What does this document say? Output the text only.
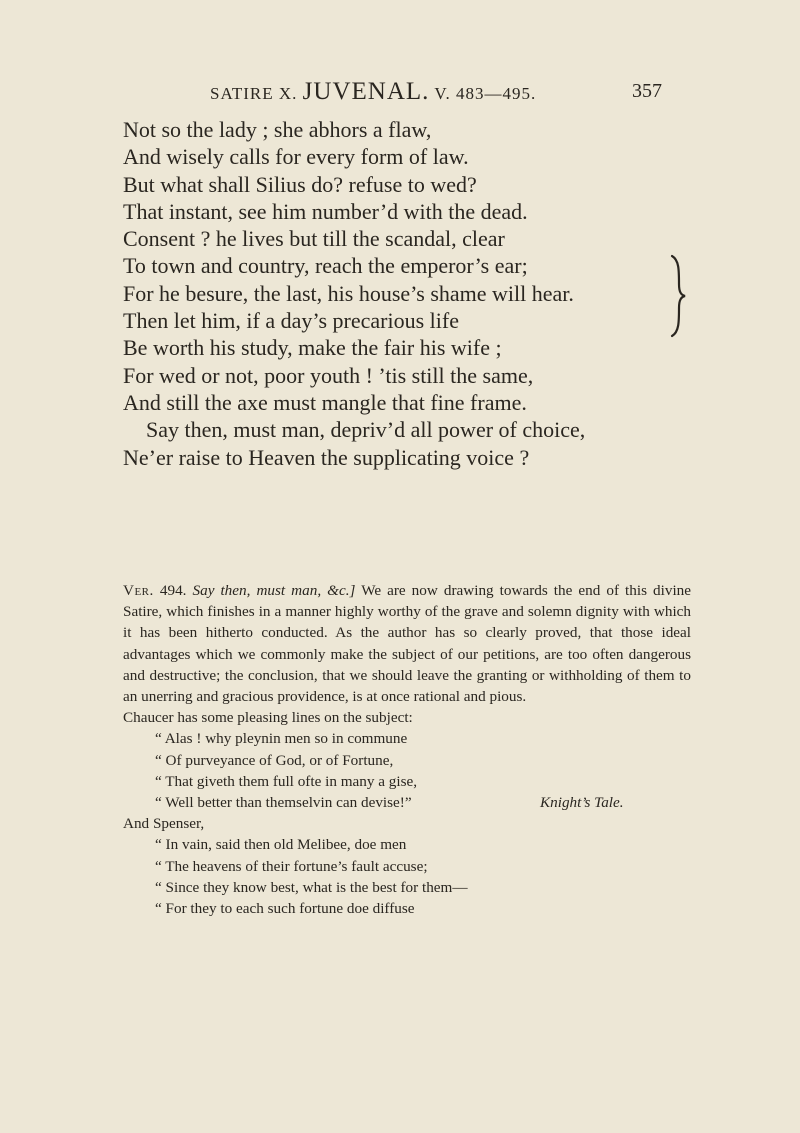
SATIRE X. JUVENAL. V. 483—495.	357
Not so the lady ; she abhors a flaw,
And wisely calls for every form of law.
But what shall Silius do? refuse to wed?
That instant, see him number’d with the dead.
Consent ? he lives but till the scandal, clear
To town and country, reach the emperor’s ear;
For he besure, the last, his house’s shame will hear.
Then let him, if a day’s precarious life
Be worth his study, make the fair his wife ;
For wed or not, poor youth ! ’tis still the same,
And still the axe must mangle that fine frame.
Say then, must man, depriv’d all power of choice,
Ne’er raise to Heaven the supplicating voice ?

Ver. 494. Say then, must man, &c.] We are now drawing towards the end of this divine Satire, which finishes in a manner highly worthy of the grave and solemn dignity with which it has been hitherto conducted. As the author has so clearly proved, that those ideal advantages which we commonly make the subject of our petitions, are too often dangerous and destructive; the conclusion, that we should leave the granting or withholding of them to an unerring and gracious providence, is at once rational and pious.

Chaucer has some pleasing lines on the subject:

“ Alas ! why pleynin men so in commune
“ Of purveyance of God, or of Fortune,
“ That giveth them full ofte in many a gise,
“ Well better than themselvin can devise!”	Knight’s Tale.

And Spenser,

“ In vain, said then old Melibee, doe men
“ The heavens of their fortune’s fault accuse;
“ Since they know best, what is the best for them—
“ For they to each such fortune doe diffuse
